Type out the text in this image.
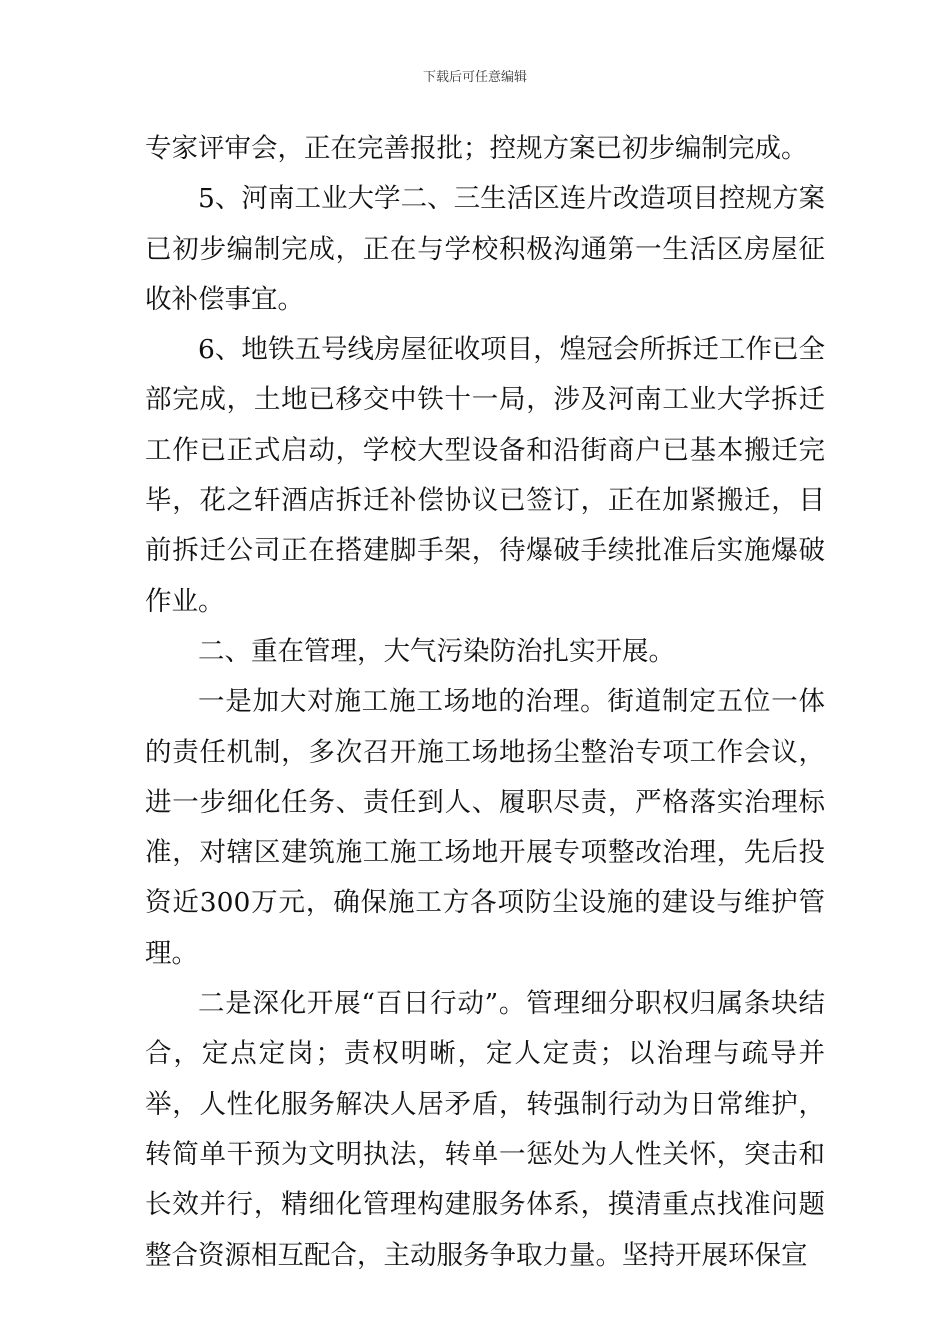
下载后可任意编辑

专家评审会，正在完善报批；控规方案已初步编制完成。

5、河南工业大学二、三生活区连片改造项目控规方案已初步编制完成，正在与学校积极沟通第一生活区房屋征收补偿事宜。

6、地铁五号线房屋征收项目，煌冠会所拆迁工作已全部完成，土地已移交中铁十一局，涉及河南工业大学拆迁工作已正式启动，学校大型设备和沿街商户已基本搬迁完毕，花之轩酒店拆迁补偿协议已签订，正在加紧搬迁，目前拆迁公司正在搭建脚手架，待爆破手续批准后实施爆破作业。

二、重在管理，大气污染防治扎实开展。

一是加大对施工施工场地的治理。街道制定五位一体的责任机制，多次召开施工场地扬尘整治专项工作会议，进一步细化任务、责任到人、履职尽责，严格落实治理标准，对辖区建筑施工施工场地开展专项整改治理，先后投资近300万元，确保施工方各项防尘设施的建设与维护管理。

二是深化开展“百日行动”。管理细分职权归属条块结合，定点定岗；责权明晰，定人定责；以治理与疏导并举，人性化服务解决人居矛盾，转强制行动为日常维护，转简单干预为文明执法，转单一惩处为人性关怀，突击和长效并行，精细化管理构建服务体系，摸清重点找准问题整合资源相互配合，主动服务争取力量。坚持开展环保宣
